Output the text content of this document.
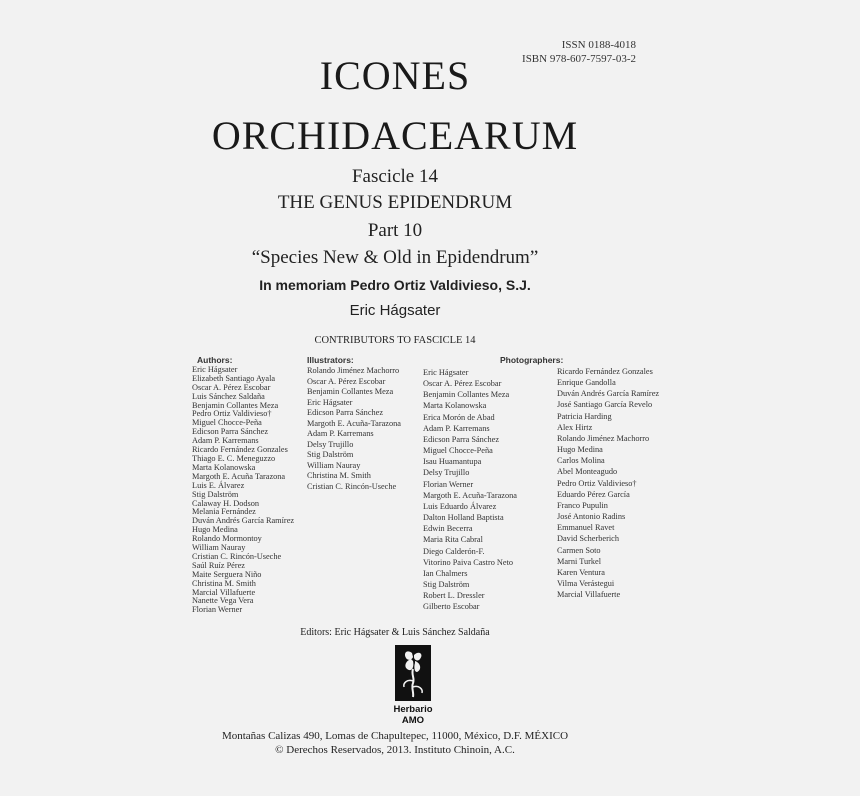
ISSN 0188-4018
ISBN 978-607-7597-03-2
ICONES
ORCHIDACEARUM
Fascicle 14
THE GENUS EPIDENDRUM
Part 10
“Species New & Old in Epidendrum”
In memoriam Pedro Ortiz Valdivieso, S.J.
Eric Hágsater
CONTRIBUTORS TO FASCICLE 14
Authors:
Eric Hágsater
Elizabeth Santiago Ayala
Oscar A. Pérez Escobar
Luis Sánchez Saldaña
Benjamin Collantes Meza
Pedro Ortiz Valdivieso†
Miguel Chocce-Peña
Edicson Parra Sánchez
Adam P. Karremans
Ricardo Fernández Gonzales
Thiago E. C. Meneguzzo
Marta Kolanowska
Margoth E. Acuña Tarazona
Luis E. Álvarez
Stig Dalström
Calaway H. Dodson
Melania Fernández
Duván Andrés García Ramírez
Hugo Medina
Rolando Mormontoy
William Nauray
Cristian C. Rincón-Useche
Saúl Ruíz Pérez
Maite Serguera Niño
Christina M. Smith
Marcial Villafuerte
Nanette Vega Vera
Florian Werner
Illustrators:
Rolando Jiménez Machorro
Oscar A. Pérez Escobar
Benjamin Collantes Meza
Eric Hágsater
Edicson Parra Sánchez
Margoth E. Acuña-Tarazona
Adam P. Karremans
Delsy Trujillo
Stig Dalström
William Nauray
Christina M. Smith
Cristian C. Rincón-Useche
Photographers:
Eric Hágsater
Oscar A. Pérez Escobar
Benjamin Collantes Meza
Marta Kolanowska
Erica Morón de Abad
Adam P. Karremans
Edicson Parra Sánchez
Miguel Chocce-Peña
Isau Huamantupa
Delsy Trujillo
Florian Werner
Margoth E. Acuña-Tarazona
Luis Eduardo Álvarez
Dalton Holland Baptista
Edwin Becerra
Maria Rita Cabral
Diego Calderón-F.
Vitorino Paiva Castro Neto
Ian Chalmers
Stig Dalström
Robert L. Dressler
Gilberto Escobar
Ricardo Fernández Gonzales
Enrique Gandolla
Duván Andrés García Ramírez
José Santiago García Revelo
Patricia Harding
Alex Hirtz
Rolando Jiménez Machorro
Hugo Medina
Carlos Molina
Abel Monteagudo
Pedro Ortiz Valdivieso†
Eduardo Pérez García
Franco Pupulin
José Antonio Radins
Emmanuel Ravet
David Scherberich
Carmen Soto
Marni Turkel
Karen Ventura
Vilma Verástegui
Marcial Villafuerte
Editors: Eric Hágsater & Luis Sánchez Saldaña
Herbario
AMO
Montañas Calizas 490, Lomas de Chapultepec, 11000, México, D.F. MÉXICO
© Derechos Reservados, 2013. Instituto Chinoin, A.C.
